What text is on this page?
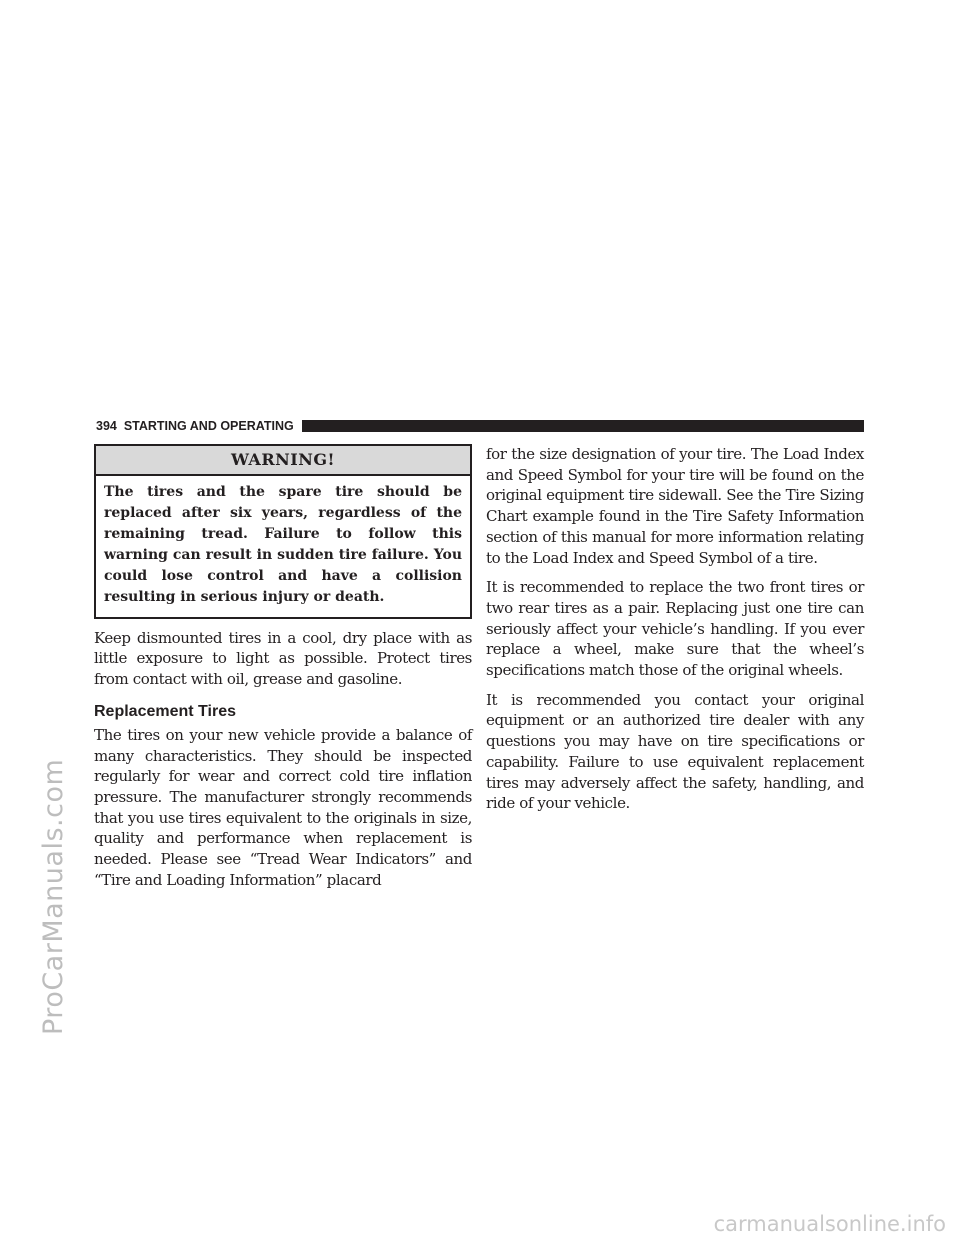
ProCarManuals.com
394 STARTING AND OPERATING
WARNING!
The tires and the spare tire should be replaced after six years, regardless of the remaining tread. Failure to follow this warning can result in sudden tire failure. You could lose control and have a collision resulting in serious injury or death.

Keep dismounted tires in a cool, dry place with as little exposure to light as possible. Protect tires from contact with oil, grease and gasoline.

Replacement Tires

The tires on your new vehicle provide a balance of many characteristics. They should be inspected regularly for wear and correct cold tire inflation pressure. The manufacturer strongly recommends that you use tires equivalent to the originals in size, quality and performance when replacement is needed. Please see “Tread Wear Indicators” and “Tire and Loading Information” placard

for the size designation of your tire. The Load Index and Speed Symbol for your tire will be found on the original equipment tire sidewall. See the Tire Sizing Chart example found in the Tire Safety Information section of this manual for more information relating to the Load Index and Speed Symbol of a tire.

It is recommended to replace the two front tires or two rear tires as a pair. Replacing just one tire can seriously affect your vehicle’s handling. If you ever replace a wheel, make sure that the wheel’s specifications match those of the original wheels.

It is recommended you contact your original equipment or an authorized tire dealer with any questions you may have on tire specifications or capability. Failure to use equivalent replacement tires may adversely affect the safety, handling, and ride of your vehicle.

carmanualsonline.info
